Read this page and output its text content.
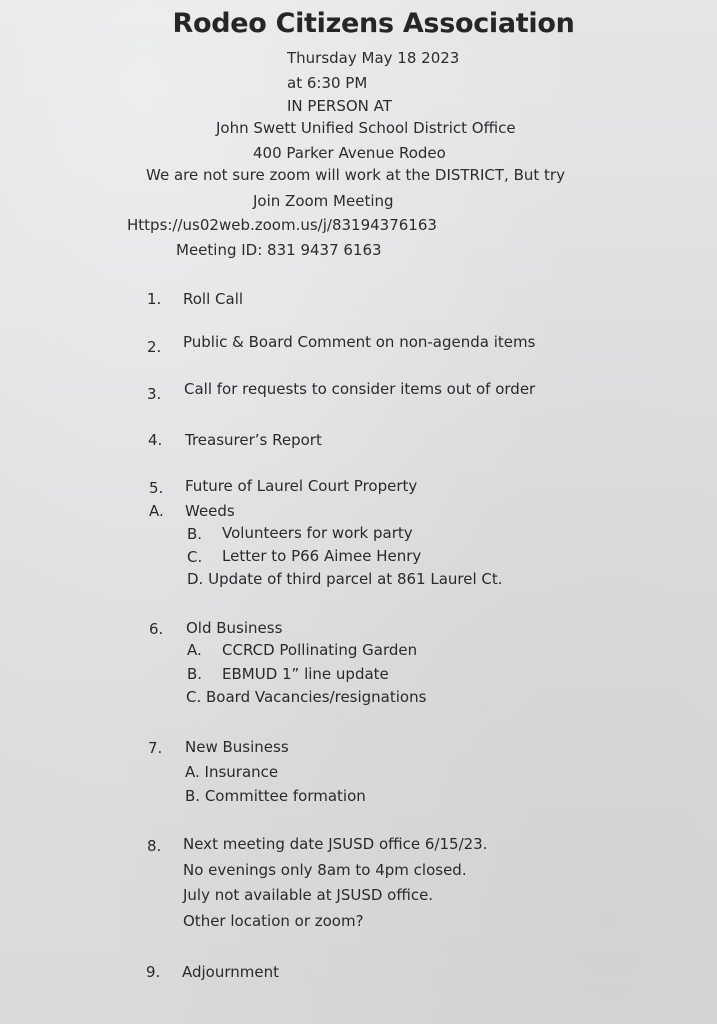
Rodeo Citizens Association
Thursday May 18 2023
at 6:30 PM
IN PERSON AT
John Swett Unified School District Office
400 Parker Avenue Rodeo
We are not sure zoom will work at the DISTRICT, But try
Join Zoom Meeting
Https://us02web.zoom.us/j/83194376163
Meeting ID: 831 9437 6163
1. Roll Call
2. Public & Board Comment on non-agenda items
3. Call for requests to consider items out of order
4. Treasurer’s Report
5. Future of Laurel Court Property
A. Weeds
B. Volunteers for work party
C. Letter to P66 Aimee Henry
D. Update of third parcel at 861 Laurel Ct.
6. Old Business
A. CCRCD Pollinating Garden
B. EBMUD 1” line update
C. Board Vacancies/resignations
7. New Business
A. Insurance
B. Committee formation
8. Next meeting date JSUSD office 6/15/23.
No evenings only 8am to 4pm closed.
July not available at JSUSD office.
Other location or zoom?
9. Adjournment
